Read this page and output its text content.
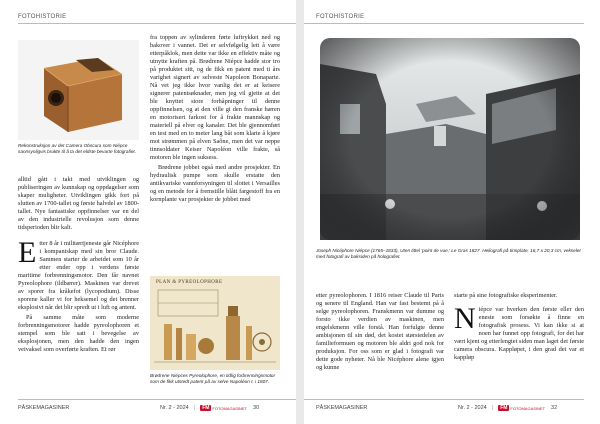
FOTOHISTORIE
Rekonstruksjon av det Camera Obscura som Niépce sannsynligvis brukte til å ta det eldste bevarte fotografiet.

alltid gått i takt med utviklingen og publiseringen av kunnskap og oppdagelser som skaper muligheter. Utviklingen gikk fort på slutten av 1700-tallet og første halvdel av 1800-tallet. Nye fantastiske oppfinnelser var en del av den industrielle revolusjon som denne tidsperioden blir kalt.

Etter 8 år i militærtjeneste går Nicéphore i kompaniskap med sin bror Claude. Sammen starter de arbeidet som 10 år etter ender opp i verdens første maritime forbrenningsmotor. Den får navnet Pyreolophore (ildbærer). Maskinen var drevet av sporer fra kråkefot (lycopodium). Disse sporene kaller vi for heksemel og det brenner eksplosivt når det blir spredt ut i luft og antent.

På samme måte som moderne forbrenningsmotorer hadde pyreolophoren et stempel som ble satt i bevegelse av eksplosjonen, men den hadde den ingen veivaksel som overførte kraften. Et rør

fra toppen av sylinderen førte luftrykket ned og bakover i vannet. Det er selvfølgelig lett å være etterpåklok, men dette var ikke en effektiv måte og utnytte kraften på. Brødrene Niépce hadde stor tro på produktet sitt, og de fikk en patent med ti års varighet signert av selveste Napoleon Bonaparte. Nå vet jeg ikke hvor vanlig det er at keisere signerer patentsøknader, men jeg vil gjette at det ble knyttet store forhåpninger til denne oppfinnelsen, og at den ville gi den franske hæren en motorisert farkost for å frakte mannskap og materiell på elver og kanaler. Det ble gjennomført en test med en to meter lang båt som klarte å kjøre mot strømmen på elven Saône, men det var neppe tinnsoldater Keiser Napoléon ville frakte, så motoren ble ingen suksess.

Brødrene jobbet også med andre prosjekter. En hydraulisk pumpe som skulle erstatte den antikvariske vannforsyningen til slottet i Versailles og en metode for å fremstille blått fargestoff fra en kornplante var prosjekter de jobbet med

PLAN & PYREOLOPHORE
Brødrene Niépces Pyreolophore, en tidlig forbrenningsmotor som de fikk utstedt patent på av selve Napoléon I. i 1807.
PÅSKEMAGASINER	Nr. 2 - 2024 |	FM FOTOMAGASINET 30
FOTOHISTORIE
Joseph Nicéphore Niépce (1765–1833), Uten tittel 'point de vue,' Le Gras 1827. Heliografi på tinnplate, 16,7 x 20,3 cm, vekselet med fotografi av baksiden på holografiet.

etter pyreolophoren. I 1816 reiser Claude til Paris og senere til England. Han var fast bestemt på å selge pyreolophoren. Franskmenn var dumme og forsto ikke verdien av maskinen, men engelskmenn ville forstå. Han forfulgte denne ambisjonen til sin død, det kostet størstedelen av familieformuen og motoren ble aldri god nok for produksjon. For oss som er glad i fotografi var dette gode nyheter. Nå ble Nicéphore alene igjen og kunne

starte på sine fotografiske eksperimenter.

Niépce var hverken den første eller den eneste som forsøkte å finne en fotografisk prosess. Vi kan ikke si at noen har funnet opp fotografi, for det har vært kjent og etterlengtet siden man laget det første camera obscura. Kappløpet, i den grad det var et kappløp

PÅSKEMAGASINER	Nr. 2 - 2024 |	FM FOTOMAGASINET 32
